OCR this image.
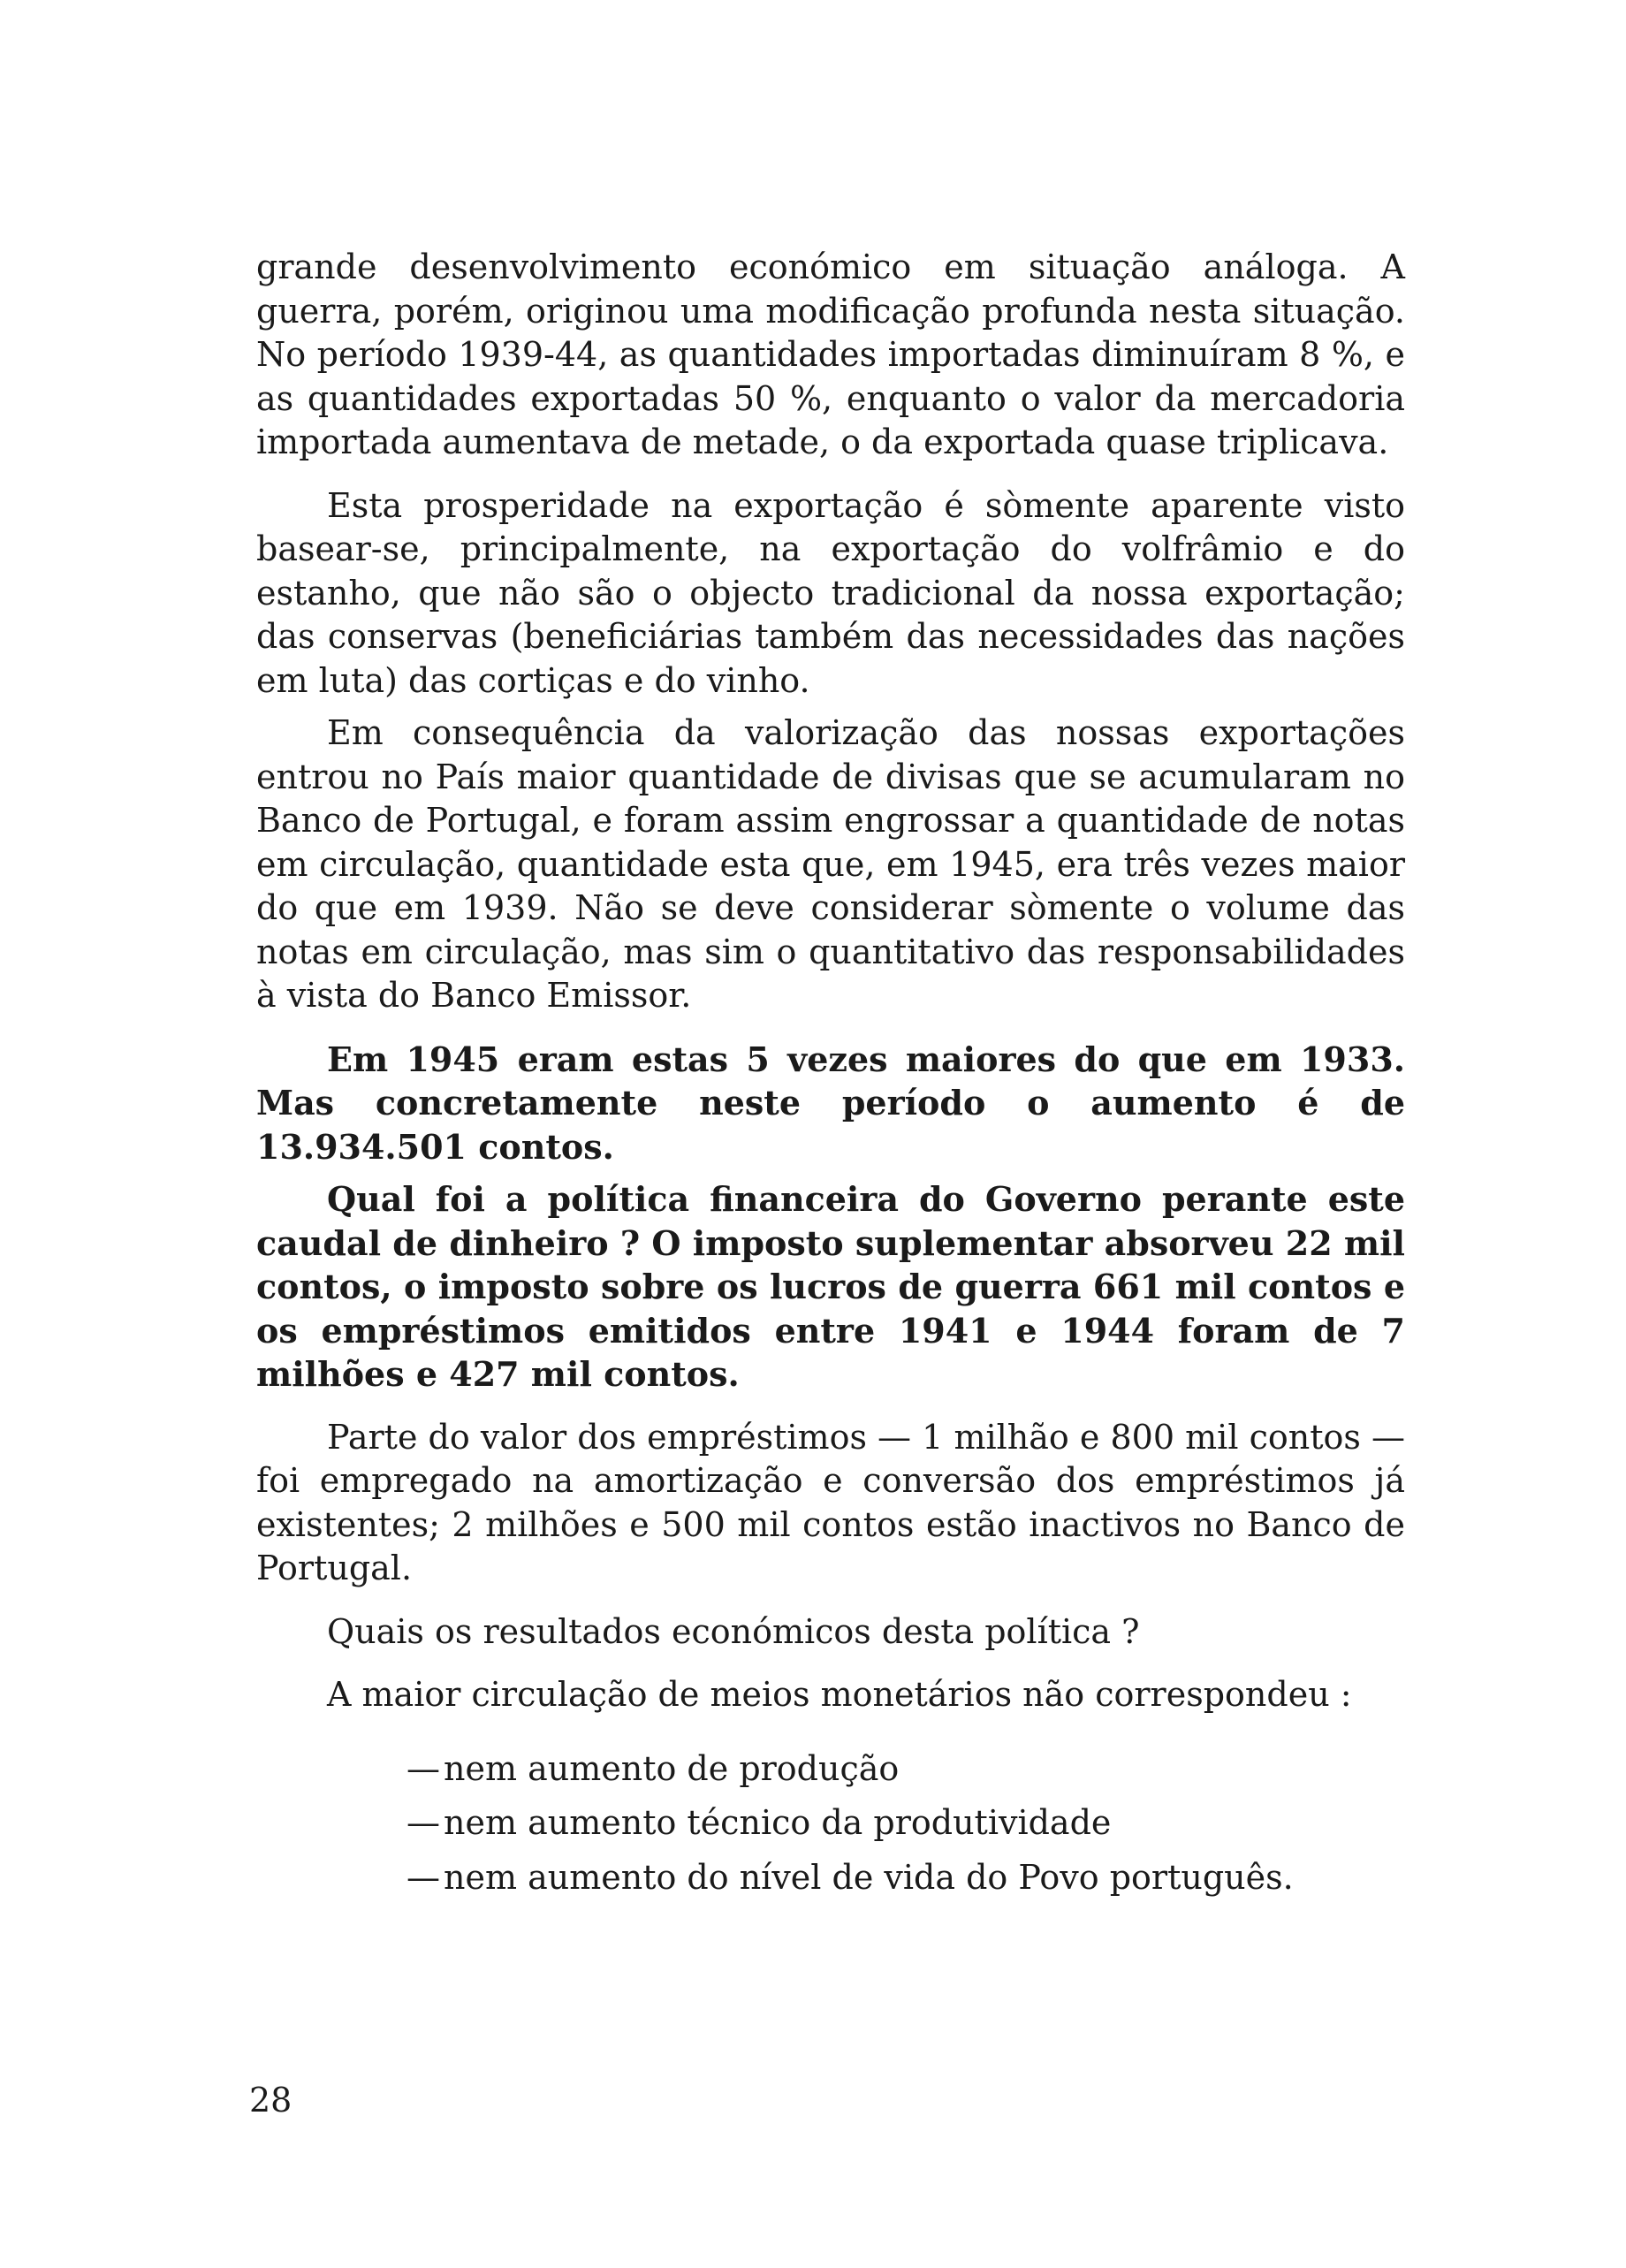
grande desenvolvimento económico em situação análoga. A guerra, porém, originou uma modificação profunda nesta situação. No período 1939-44, as quantidades importadas diminuíram 8 %, e as quantidades exportadas 50 %, enquanto o valor da mercadoria importada aumentava de metade, o da exportada quase triplicava.

Esta prosperidade na exportação é sòmente aparente visto basear-se, principalmente, na exportação do volfrâmio e do estanho, que não são o objecto tradicional da nossa exportação; das conservas (beneficiárias também das necessidades das nações em luta) das cortiças e do vinho.

Em consequência da valorização das nossas exportações entrou no País maior quantidade de divisas que se acumularam no Banco de Portugal, e foram assim engrossar a quantidade de notas em circulação, quantidade esta que, em 1945, era três vezes maior do que em 1939. Não se deve considerar sòmente o volume das notas em circulação, mas sim o quantitativo das responsabilidades à vista do Banco Emissor.

Em 1945 eram estas 5 vezes maiores do que em 1933. Mas concretamente neste período o aumento é de 13.934.501 contos.

Qual foi a política financeira do Governo perante este caudal de dinheiro ? O imposto suplementar absorveu 22 mil contos, o imposto sobre os lucros de guerra 661 mil contos e os empréstimos emitidos entre 1941 e 1944 foram de 7 milhões e 427 mil contos.

Parte do valor dos empréstimos — 1 milhão e 800 mil contos — foi empregado na amortização e conversão dos empréstimos já existentes; 2 milhões e 500 mil contos estão inactivos no Banco de Portugal.

Quais os resultados económicos desta política ?

A maior circulação de meios monetários não correspondeu :

— nem aumento de produção
— nem aumento técnico da produtividade
— nem aumento do nível de vida do Povo português.
28
